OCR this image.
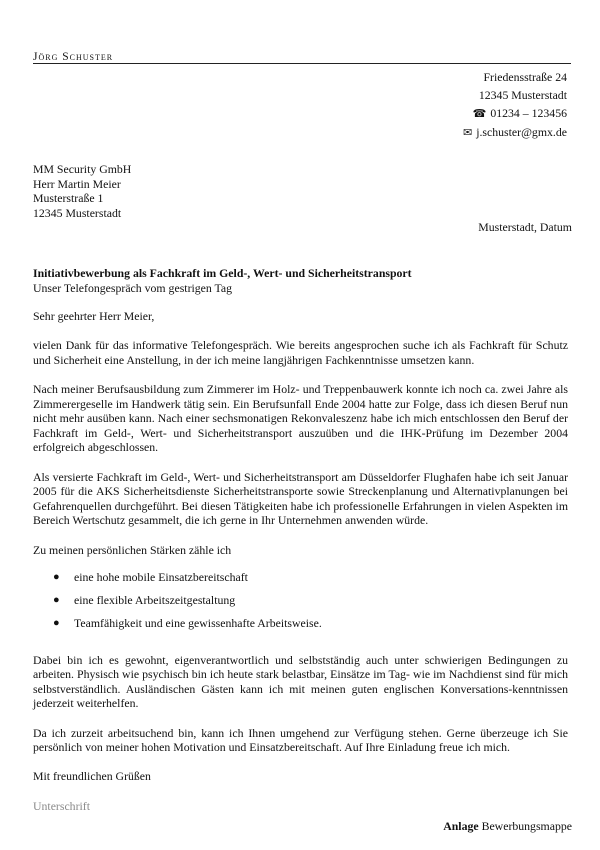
Jörg Schuster
Friedensstraße 24
12345 Musterstadt
☎ 01234 – 123456
✉ j.schuster@gmx.de
MM Security GmbH
Herr Martin Meier
Musterstraße 1
12345 Musterstadt
Musterstadt, Datum
Initiativbewerbung als Fachkraft im Geld-, Wert- und Sicherheitstransport
Unser Telefongespräch vom gestrigen Tag

Sehr geehrter Herr Meier,

vielen Dank für das informative Telefongespräch. Wie bereits angesprochen suche ich als Fachkraft für Schutz und Sicherheit eine Anstellung, in der ich meine langjährigen Fachkenntnisse umsetzen kann.

Nach meiner Berufsausbildung zum Zimmerer im Holz- und Treppenbauwerk konnte ich noch ca. zwei Jahre als Zimmerergeselle im Handwerk tätig sein. Ein Berufsunfall Ende 2004 hatte zur Folge, dass ich diesen Beruf nun nicht mehr ausüben kann. Nach einer sechsmonatigen Rekonvaleszenz habe ich mich entschlossen den Beruf der Fachkraft im Geld-, Wert- und Sicherheitstransport auszuüben und die IHK-Prüfung im Dezember 2004 erfolgreich abgeschlossen.

Als versierte Fachkraft im Geld-, Wert- und Sicherheitstransport am Düsseldorfer Flughafen habe ich seit Januar 2005 für die AKS Sicherheitsdienste Sicherheitstransporte sowie Streckenplanung und Alternativplanungen bei Gefahrenquellen durchgeführt. Bei diesen Tätigkeiten habe ich professionelle Erfahrungen in vielen Aspekten im Bereich Wertschutz gesammelt, die ich gerne in Ihr Unternehmen anwenden würde.

Zu meinen persönlichen Stärken zähle ich

● eine hohe mobile Einsatzbereitschaft
● eine flexible Arbeitszeitgestaltung
● Teamfähigkeit und eine gewissenhafte Arbeitsweise.

Dabei bin ich es gewohnt, eigenverantwortlich und selbstständig auch unter schwierigen Bedingungen zu arbeiten. Physisch wie psychisch bin ich heute stark belastbar, Einsätze im Tag- wie im Nachdienst sind für mich selbstverständlich. Ausländischen Gästen kann ich mit meinen guten englischen Konversations-kenntnissen jederzeit weiterhelfen.

Da ich zurzeit arbeitsuchend bin, kann ich Ihnen umgehend zur Verfügung stehen. Gerne überzeuge ich Sie persönlich von meiner hohen Motivation und Einsatzbereitschaft. Auf Ihre Einladung freue ich mich.

Mit freundlichen Grüßen

Unterschrift
Anlage Bewerbungsmappe
